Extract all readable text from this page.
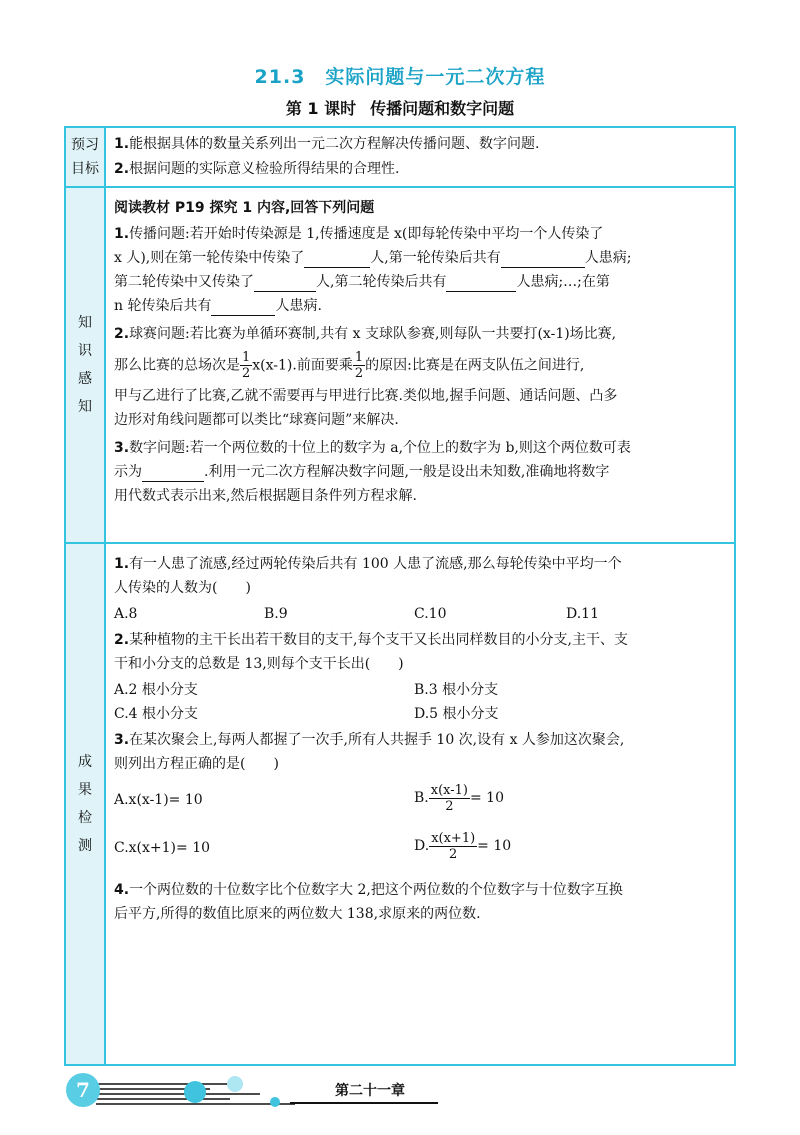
21.3　实际问题与一元二次方程
第 1 课时 传播问题和数字问题
预习
目标
1.能根据具体的数量关系列出一元二次方程解决传播问题、数字问题.
2.根据问题的实际意义检验所得结果的合理性.
知
识
感
知
阅读教材 P19 探究 1 内容,回答下列问题
1.传播问题:若开始时传染源是 1,传播速度是 x(即每轮传染中平均一个人传染了
x 人),则在第一轮传染中传染了	人,第一轮传染后共有	人患病;
第二轮传染中又传染了	人,第二轮传染后共有	人患病;…;在第
n 轮传染后共有	人患病.
2.球赛问题:若比赛为单循环赛制,共有 x 支球队参赛,则每队一共要打(x-1)场比赛,
那么比赛的总场次是 $\frac{1}{2} x(x-1)$.前面要乘 $\frac{1}{2}$ 的原因:比赛是在两支队伍之间进行,
甲与乙进行了比赛,乙就不需要再与甲进行比赛.类似地,握手问题、通话问题、凸多
边形对角线问题都可以类比“球赛问题”来解决.
3.数字问题:若一个两位数的十位上的数字为 a,个位上的数字为 b,则这个两位数可表
示为	.利用一元二次方程解决数字问题,一般是设出未知数,准确地将数字
用代数式表示出来,然后根据题目条件列方程求解.
成
果
检
测
1.有一人患了流感,经过两轮传染后共有 100 人患了流感,那么每轮传染中平均一个
人传染的人数为(　　)
A.8	B.9	C.10	D.11
2.某种植物的主干长出若干数目的支干,每个支干又长出同样数目的小分支,主干、支
干和小分支的总数是 13,则每个支干长出(　　)
A.2 根小分支	B.3 根小分支
C.4 根小分支	D.5 根小分支
3.在某次聚会上,每两人都握了一次手,所有人共握手 10 次,设有 x 人参加这次聚会,
则列出方程正确的是(　　)
A.x(x-1)= 10	B. $\frac{x(x-1)}{2} = 10$
C.x(x+1)= 10	D. $\frac{x(x+1)}{2} = 10$
4.一个两位数的十位数字比个位数字大 2,把这个两位数的个位数字与十位数字互换
后平方,所得的数值比原来的两位数大 138,求原来的两位数.
7	第二十一章
